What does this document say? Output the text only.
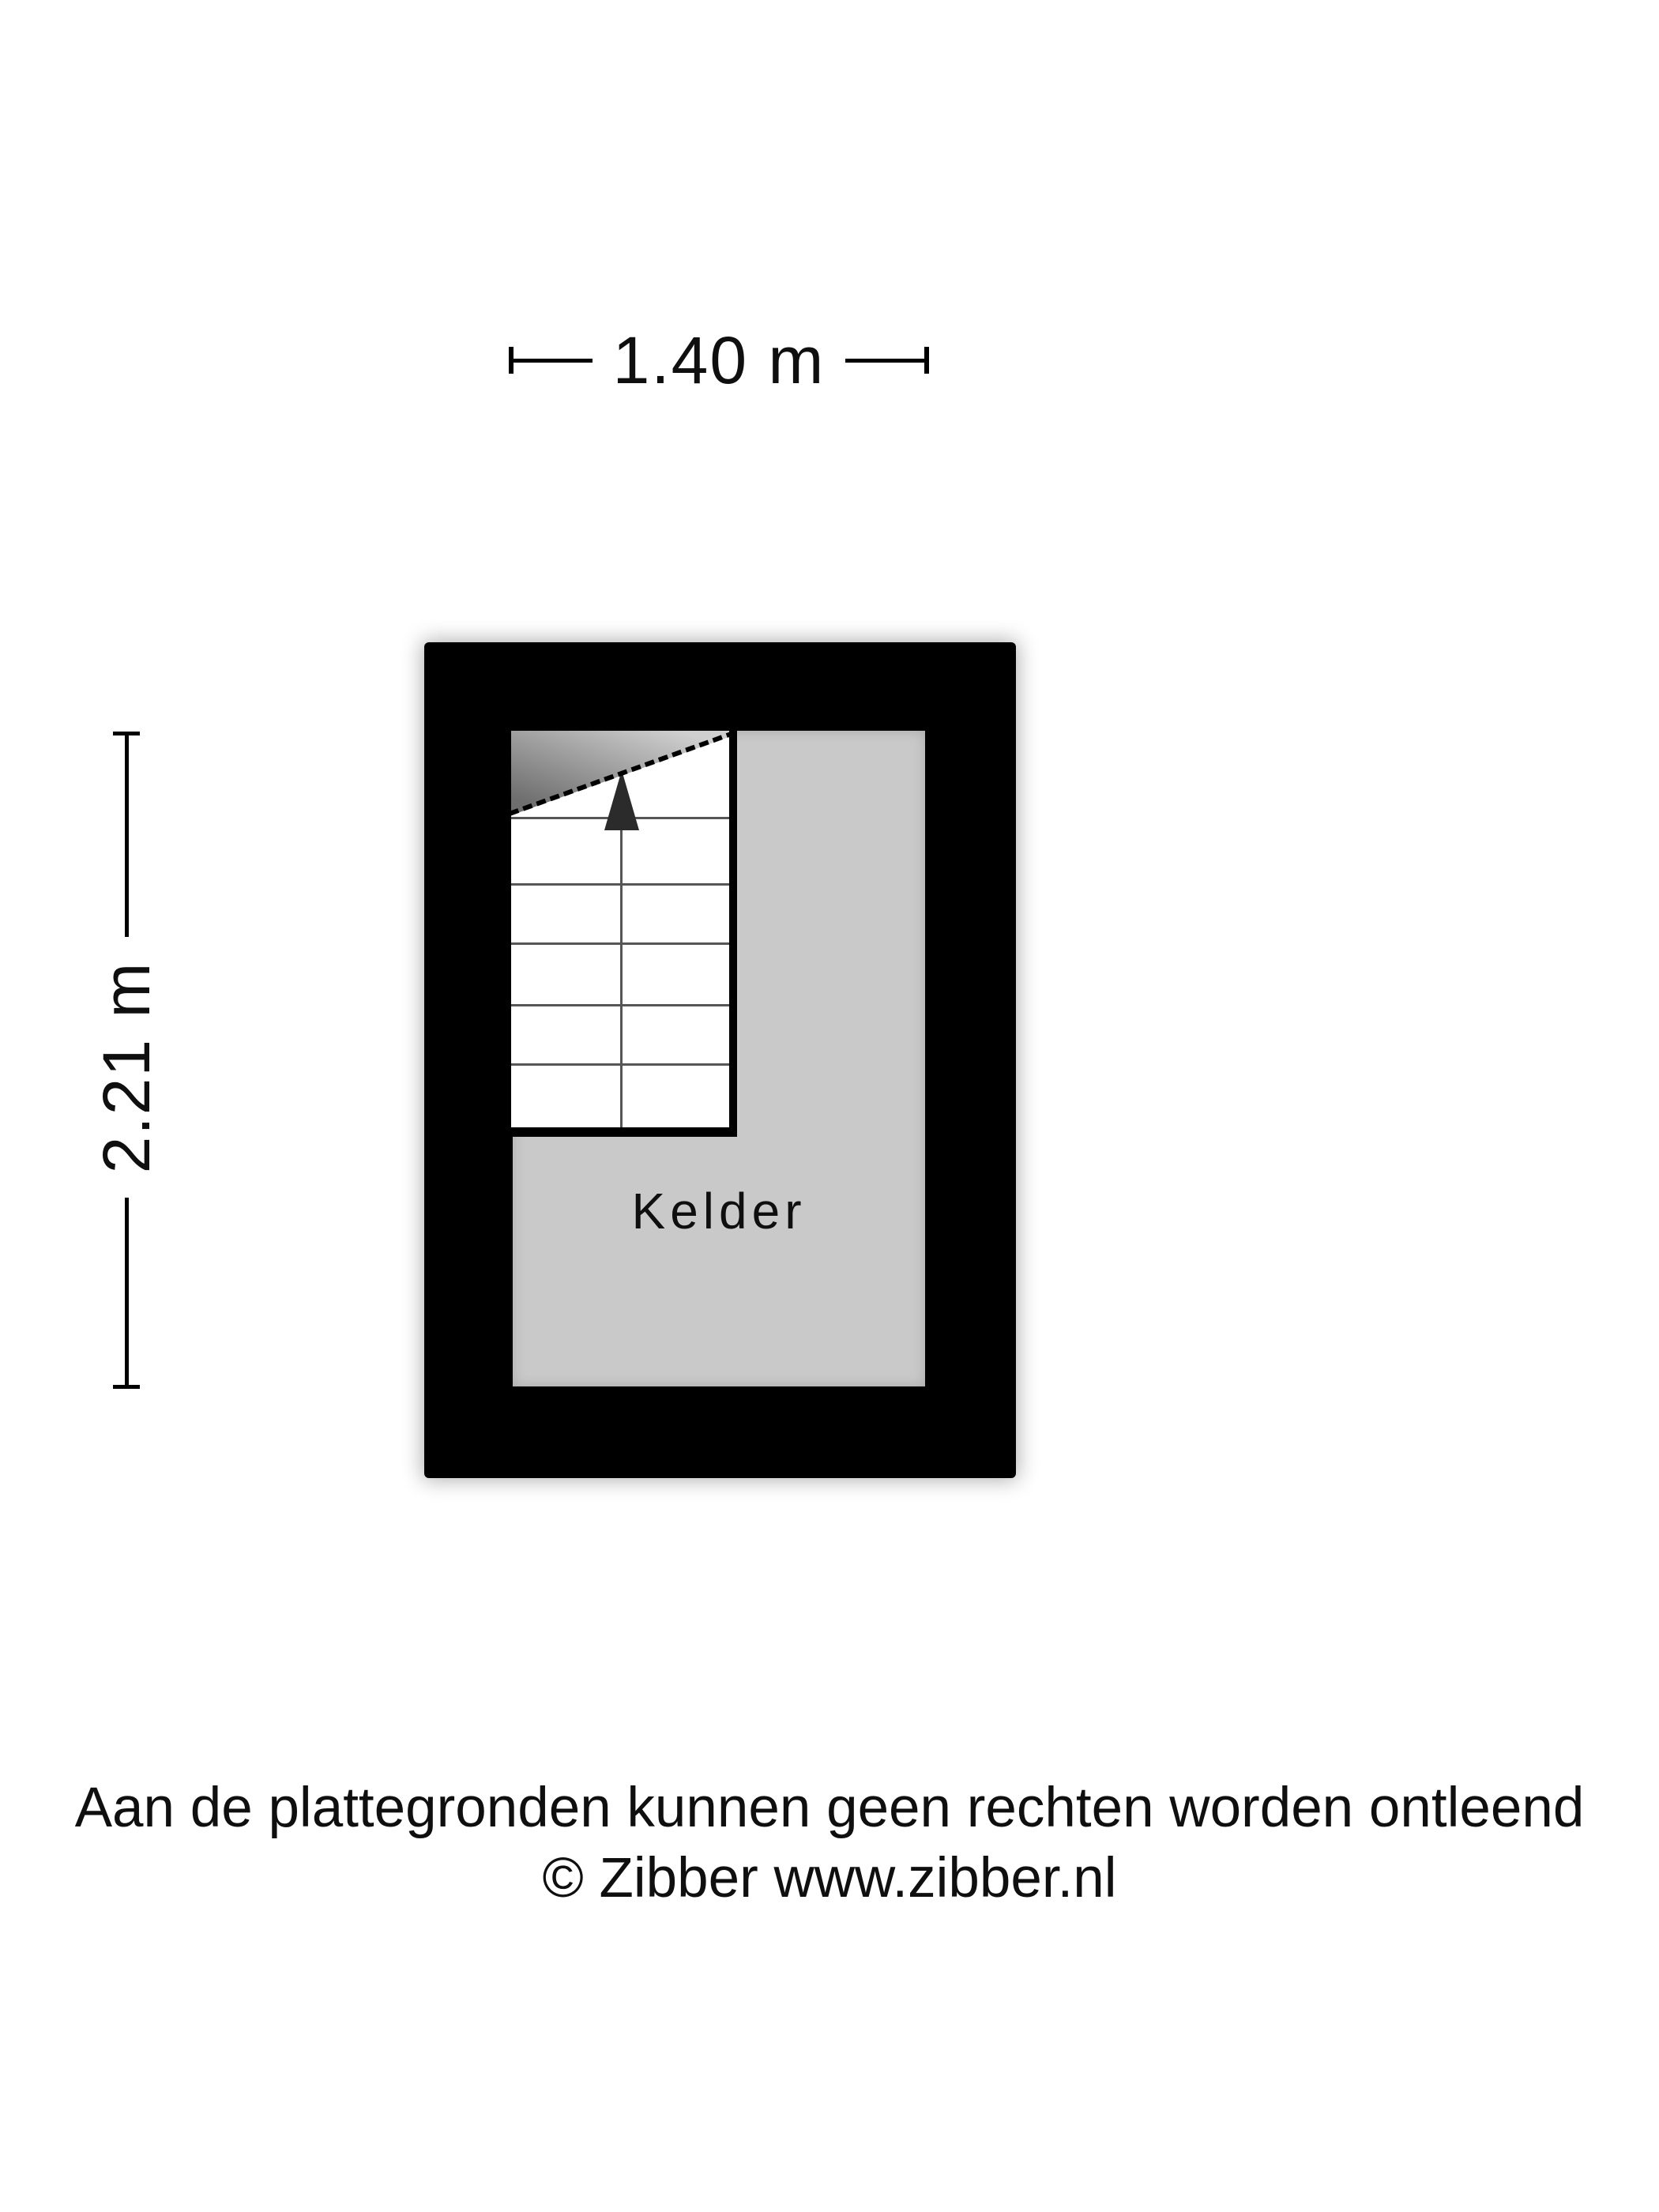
1.40 m
2.21 m
Kelder
Aan de plattegronden kunnen geen rechten worden ontleend
© Zibber www.zibber.nl
